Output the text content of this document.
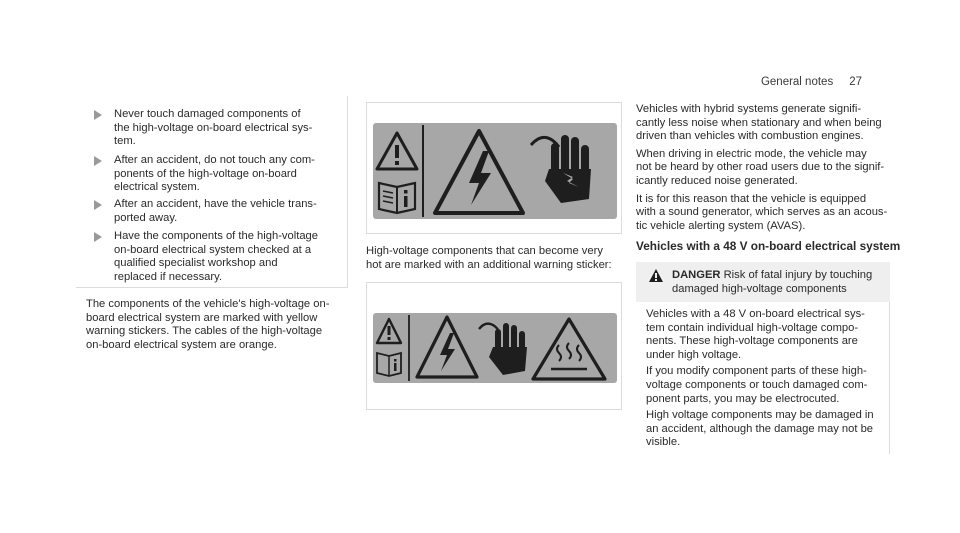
General notes 27
Never touch damaged components of
the high-voltage on-board electrical sys-
tem.
After an accident, do not touch any com-
ponents of the high-voltage on-board
electrical system.
After an accident, have the vehicle trans-
ported away.
Have the components of the high-voltage
on-board electrical system checked at a
qualified specialist workshop and
replaced if necessary.
The components of the vehicle's high-voltage on-
board electrical system are marked with yellow
warning stickers. The cables of the high-voltage
on-board electrical system are orange.
High-voltage components that can become very
hot are marked with an additional warning sticker:

Vehicles with hybrid systems generate signifi-
cantly less noise when stationary and when being
driven than vehicles with combustion engines.

When driving in electric mode, the vehicle may
not be heard by other road users due to the signif-
icantly reduced noise generated.

It is for this reason that the vehicle is equipped
with a sound generator, which serves as an acous-
tic vehicle alerting system (AVAS).

Vehicles with a 48 V on-board electrical system
DANGER Risk of fatal injury by touching
damaged high-voltage components

Vehicles with a 48 V on-board electrical sys-
tem contain individual high-voltage compo-
nents. These high-voltage components are
under high voltage.

If you modify component parts of these high-
voltage components or touch damaged com-
ponent parts, you may be electrocuted.

High voltage components may be damaged in
an accident, although the damage may not be
visible.
